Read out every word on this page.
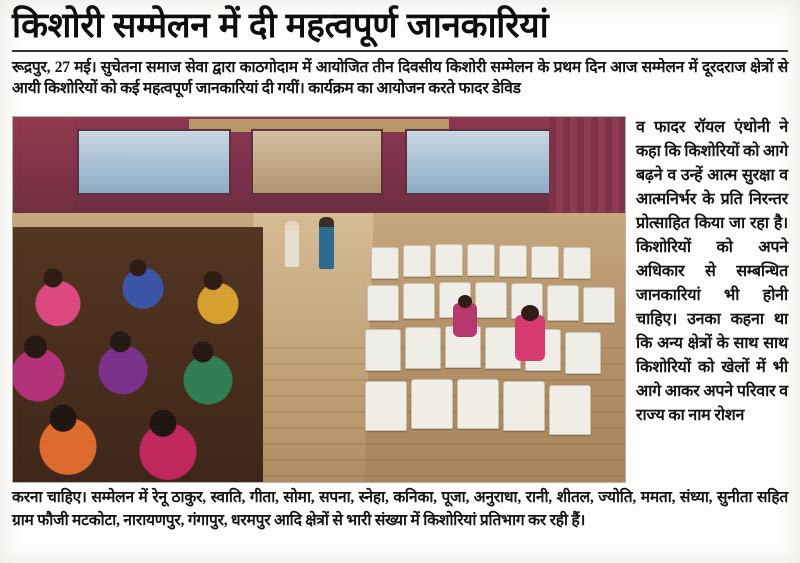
किशोरी सम्मेलन में दी महत्वपूर्ण जानकारियां

रूद्रपुर, 27 मई। सुचेतना समाज सेवा द्वारा काठगोदाम में आयोजित तीन दिवसीय किशोरी सम्मेलन के प्रथम दिन आज सम्मेलन में दूरदराज क्षेत्रों से आयी किशोरियों को कई महत्वपूर्ण जानकारियां दी गयीं। कार्यक्रम का आयोजन करते फादर डेविड

व फादर रॉयल एंथोनी ने कहा कि किशोरियों को आगे बढ़ने व उन्हें आत्म सुरक्षा व आत्मनिर्भर के प्रति निरन्तर प्रोत्साहित किया जा रहा है। किशोरियों को अपने अधिकार से सम्बन्धित जानकारियां भी होनी चाहिए। उनका कहना था कि अन्य क्षेत्रों के साथ साथ किशोरियों को खेलों में भी आगे आकर अपने परिवार व राज्य का नाम रोशन

करना चाहिए। सम्मेलन में रेनू ठाकुर, स्वाति, गीता, सोमा, सपना, स्नेहा, कनिका, पूजा, अनुराधा, रानी, शीतल, ज्योति, ममता, संध्या, सुनीता सहित ग्राम फौजी मटकोटा, नारायणपुर, गंगापुर, धरमपुर आदि क्षेत्रों से भारी संख्या में किशोरियां प्रतिभाग कर रही हैं।
